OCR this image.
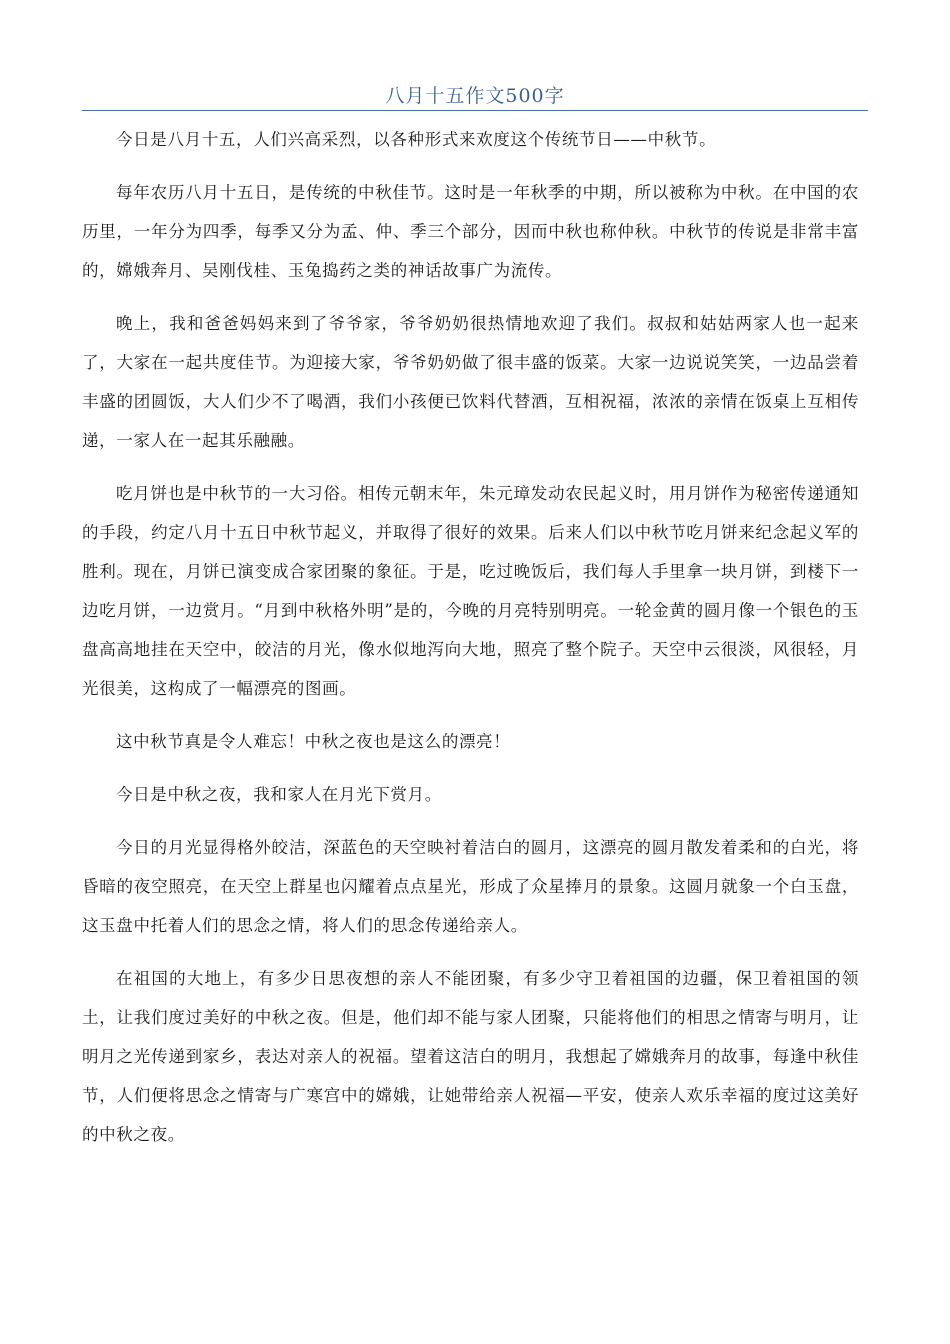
八月十五作文500字

今日是八月十五，人们兴高采烈，以各种形式来欢度这个传统节日——中秋节。

每年农历八月十五日，是传统的中秋佳节。这时是一年秋季的中期，所以被称为中秋。在中国的农历里，一年分为四季，每季又分为孟、仲、季三个部分，因而中秋也称仲秋。中秋节的传说是非常丰富的，嫦娥奔月、吴刚伐桂、玉兔捣药之类的神话故事广为流传。

晚上，我和爸爸妈妈来到了爷爷家，爷爷奶奶很热情地欢迎了我们。叔叔和姑姑两家人也一起来了，大家在一起共度佳节。为迎接大家，爷爷奶奶做了很丰盛的饭菜。大家一边说说笑笑，一边品尝着丰盛的团圆饭，大人们少不了喝酒，我们小孩便已饮料代替酒，互相祝福，浓浓的亲情在饭桌上互相传递，一家人在一起其乐融融。

吃月饼也是中秋节的一大习俗。相传元朝末年，朱元璋发动农民起义时，用月饼作为秘密传递通知的手段，约定八月十五日中秋节起义，并取得了很好的效果。后来人们以中秋节吃月饼来纪念起义军的胜利。现在，月饼已演变成合家团聚的象征。于是，吃过晚饭后，我们每人手里拿一块月饼，到楼下一边吃月饼，一边赏月。“月到中秋格外明”是的，今晚的月亮特别明亮。一轮金黄的圆月像一个银色的玉盘高高地挂在天空中，皎洁的月光，像水似地泻向大地，照亮了整个院子。天空中云很淡，风很轻，月光很美，这构成了一幅漂亮的图画。

这中秋节真是令人难忘！中秋之夜也是这么的漂亮！

今日是中秋之夜，我和家人在月光下赏月。

今日的月光显得格外皎洁，深蓝色的天空映衬着洁白的圆月，这漂亮的圆月散发着柔和的白光，将昏暗的夜空照亮，在天空上群星也闪耀着点点星光，形成了众星捧月的景象。这圆月就象一个白玉盘，这玉盘中托着人们的思念之情，将人们的思念传递给亲人。

在祖国的大地上，有多少日思夜想的亲人不能团聚，有多少守卫着祖国的边疆，保卫着祖国的领土，让我们度过美好的中秋之夜。但是，他们却不能与家人团聚，只能将他们的相思之情寄与明月，让明月之光传递到家乡，表达对亲人的祝福。望着这洁白的明月，我想起了嫦娥奔月的故事，每逢中秋佳节，人们便将思念之情寄与广寒宫中的嫦娥，让她带给亲人祝福—平安，使亲人欢乐幸福的度过这美好的中秋之夜。
